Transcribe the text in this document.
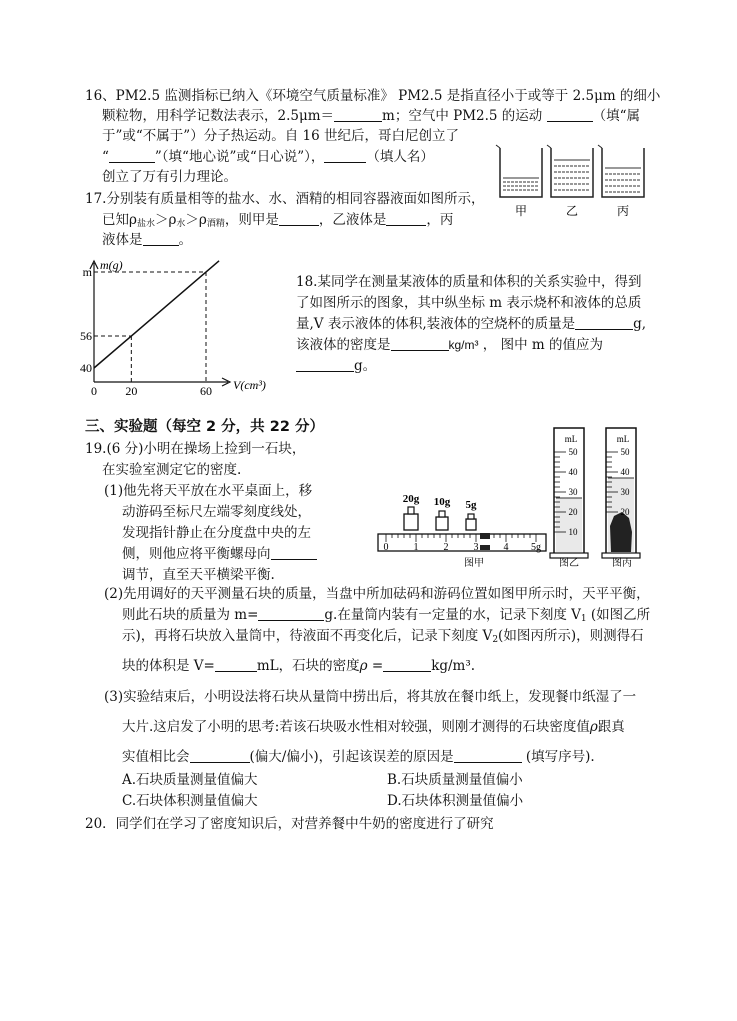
16、PM2.5 监测指标已纳入《环境空气质量标准》 PM2.5 是指直径小于或等于 2.5μm 的细小
颗粒物，用科学记数法表示，2.5μm＝	m；空气中 PM2.5 的运动	（填“属
于”或“不属于”）分子热运动。自 16 世纪后，哥白尼创立了
“	”（填“地心说”或“日心说”），	（填人名）
创立了万有引力理论。
甲	乙	丙
17.分别装有质量相等的盐水、水、酒精的相同容器液面如图所示，
已知$\rho_{盐水}>\rho_水>\rho_{酒精}$，则甲是	，乙液体是	，丙
液体是	。
m(g)
V(cm³)
0 20	60
40
56
m
18.某同学在测量某液体的质量和体积的关系实验中，得到
了如图所示的图象，其中纵坐标 m 表示烧杯和液体的总质
量,V 表示液体的体积,装液体的空烧杯的质量是	g,
该液体的密度是	kg/m³ ， 图中 m 的值应为
g。
三、实验题（每空 2 分，共 22 分）
19.(6 分)小明在操场上捡到一石块，
在实验室测定它的密度.
(1)他先将天平放在水平桌面上，移
动游码至标尺左端零刻度线处，
发现指针静止在分度盘中央的左
侧，则他应将平衡螺母向
调节，直至天平横梁平衡.
20g 10g 5g
0	1	2	3	4 5g
图甲
mL
50
40
30
20
10
图乙
mL
50
40
30
20
图丙
(2)先用调好的天平测量石块的质量，当盘中所加砝码和游码位置如图甲所示时，天平平衡，
则此石块的质量为 m=	g.在量筒内装有一定量的水，记录下刻度 $V_1$ (如图乙所
示)，再将石块放入量筒中，待液面不再变化后，记录下刻度 $V_2$(如图丙所示)，则测得石
块的体积是 V=	mL，石块的密度ρ =	kg/m³.
(3)实验结束后，小明设法将石块从量筒中捞出后，将其放在餐巾纸上，发现餐巾纸湿了一
大片.这启发了小明的思考:若该石块吸水性相对较强，则刚才测得的石块密度值ρ跟真
实值相比会	(偏大/偏小)，引起该误差的原因是	(填写序号).
A.石块质量测量值偏大	B.石块质量测量值偏小
C.石块体积测量值偏大	D.石块体积测量值偏小
20．同学们在学习了密度知识后，对营养餐中牛奶的密度进行了研究
